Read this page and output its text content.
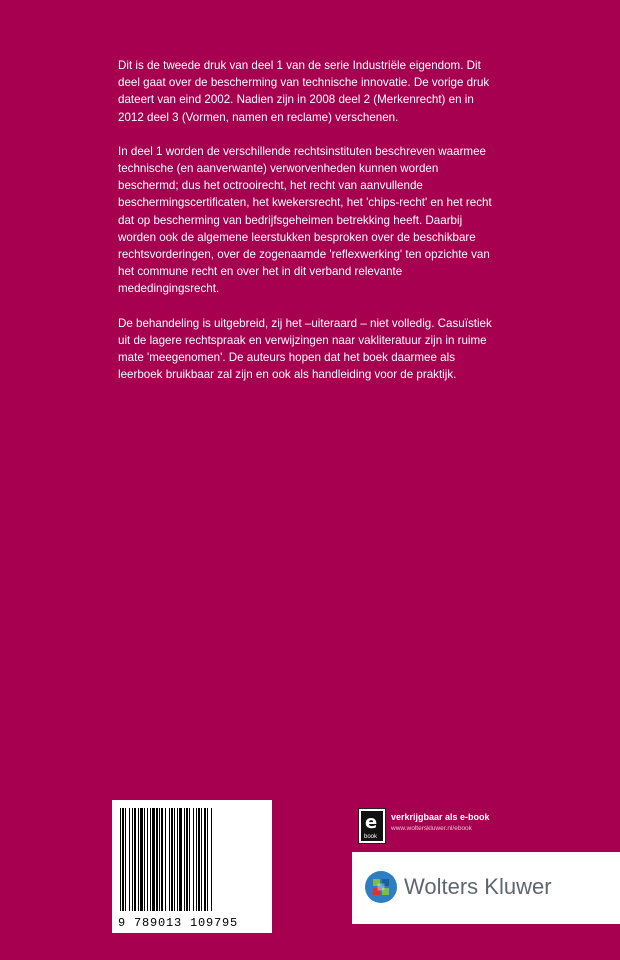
Dit is de tweede druk van deel 1 van de serie Industriële eigendom. Dit deel gaat over de bescherming van technische innovatie. De vorige druk dateert van eind 2002. Nadien zijn in 2008 deel 2 (Merkenrecht) en in 2012 deel 3 (Vormen, namen en reclame) verschenen.

In deel 1 worden de verschillende rechtsinstituten beschreven waarmee technische (en aanverwante) verworvenheden kunnen worden beschermd; dus het octrooirecht, het recht van aanvullende beschermingscertificaten, het kwekersrecht, het 'chips-recht' en het recht dat op bescherming van bedrijfsgeheimen betrekking heeft. Daarbij worden ook de algemene leerstukken besproken over de beschikbare rechtsvorderingen, over de zogenaamde 'reflexwerking' ten opzichte van het commune recht en over het in dit verband relevante mededingingsrecht.

De behandeling is uitgebreid, zij het –uiteraard – niet volledig. Casuïstiek uit de lagere rechtspraak en verwijzingen naar vakliteratuur zijn in ruime mate 'meegenomen'. De auteurs hopen dat het boek daarmee als leerboek bruikbaar zal zijn en ook als handleiding voor de praktijk.

9 789013 109795
e
book
verkrijgbaar als e-book
www.wolterskluwer.nl/ebook
Wolters Kluwer
